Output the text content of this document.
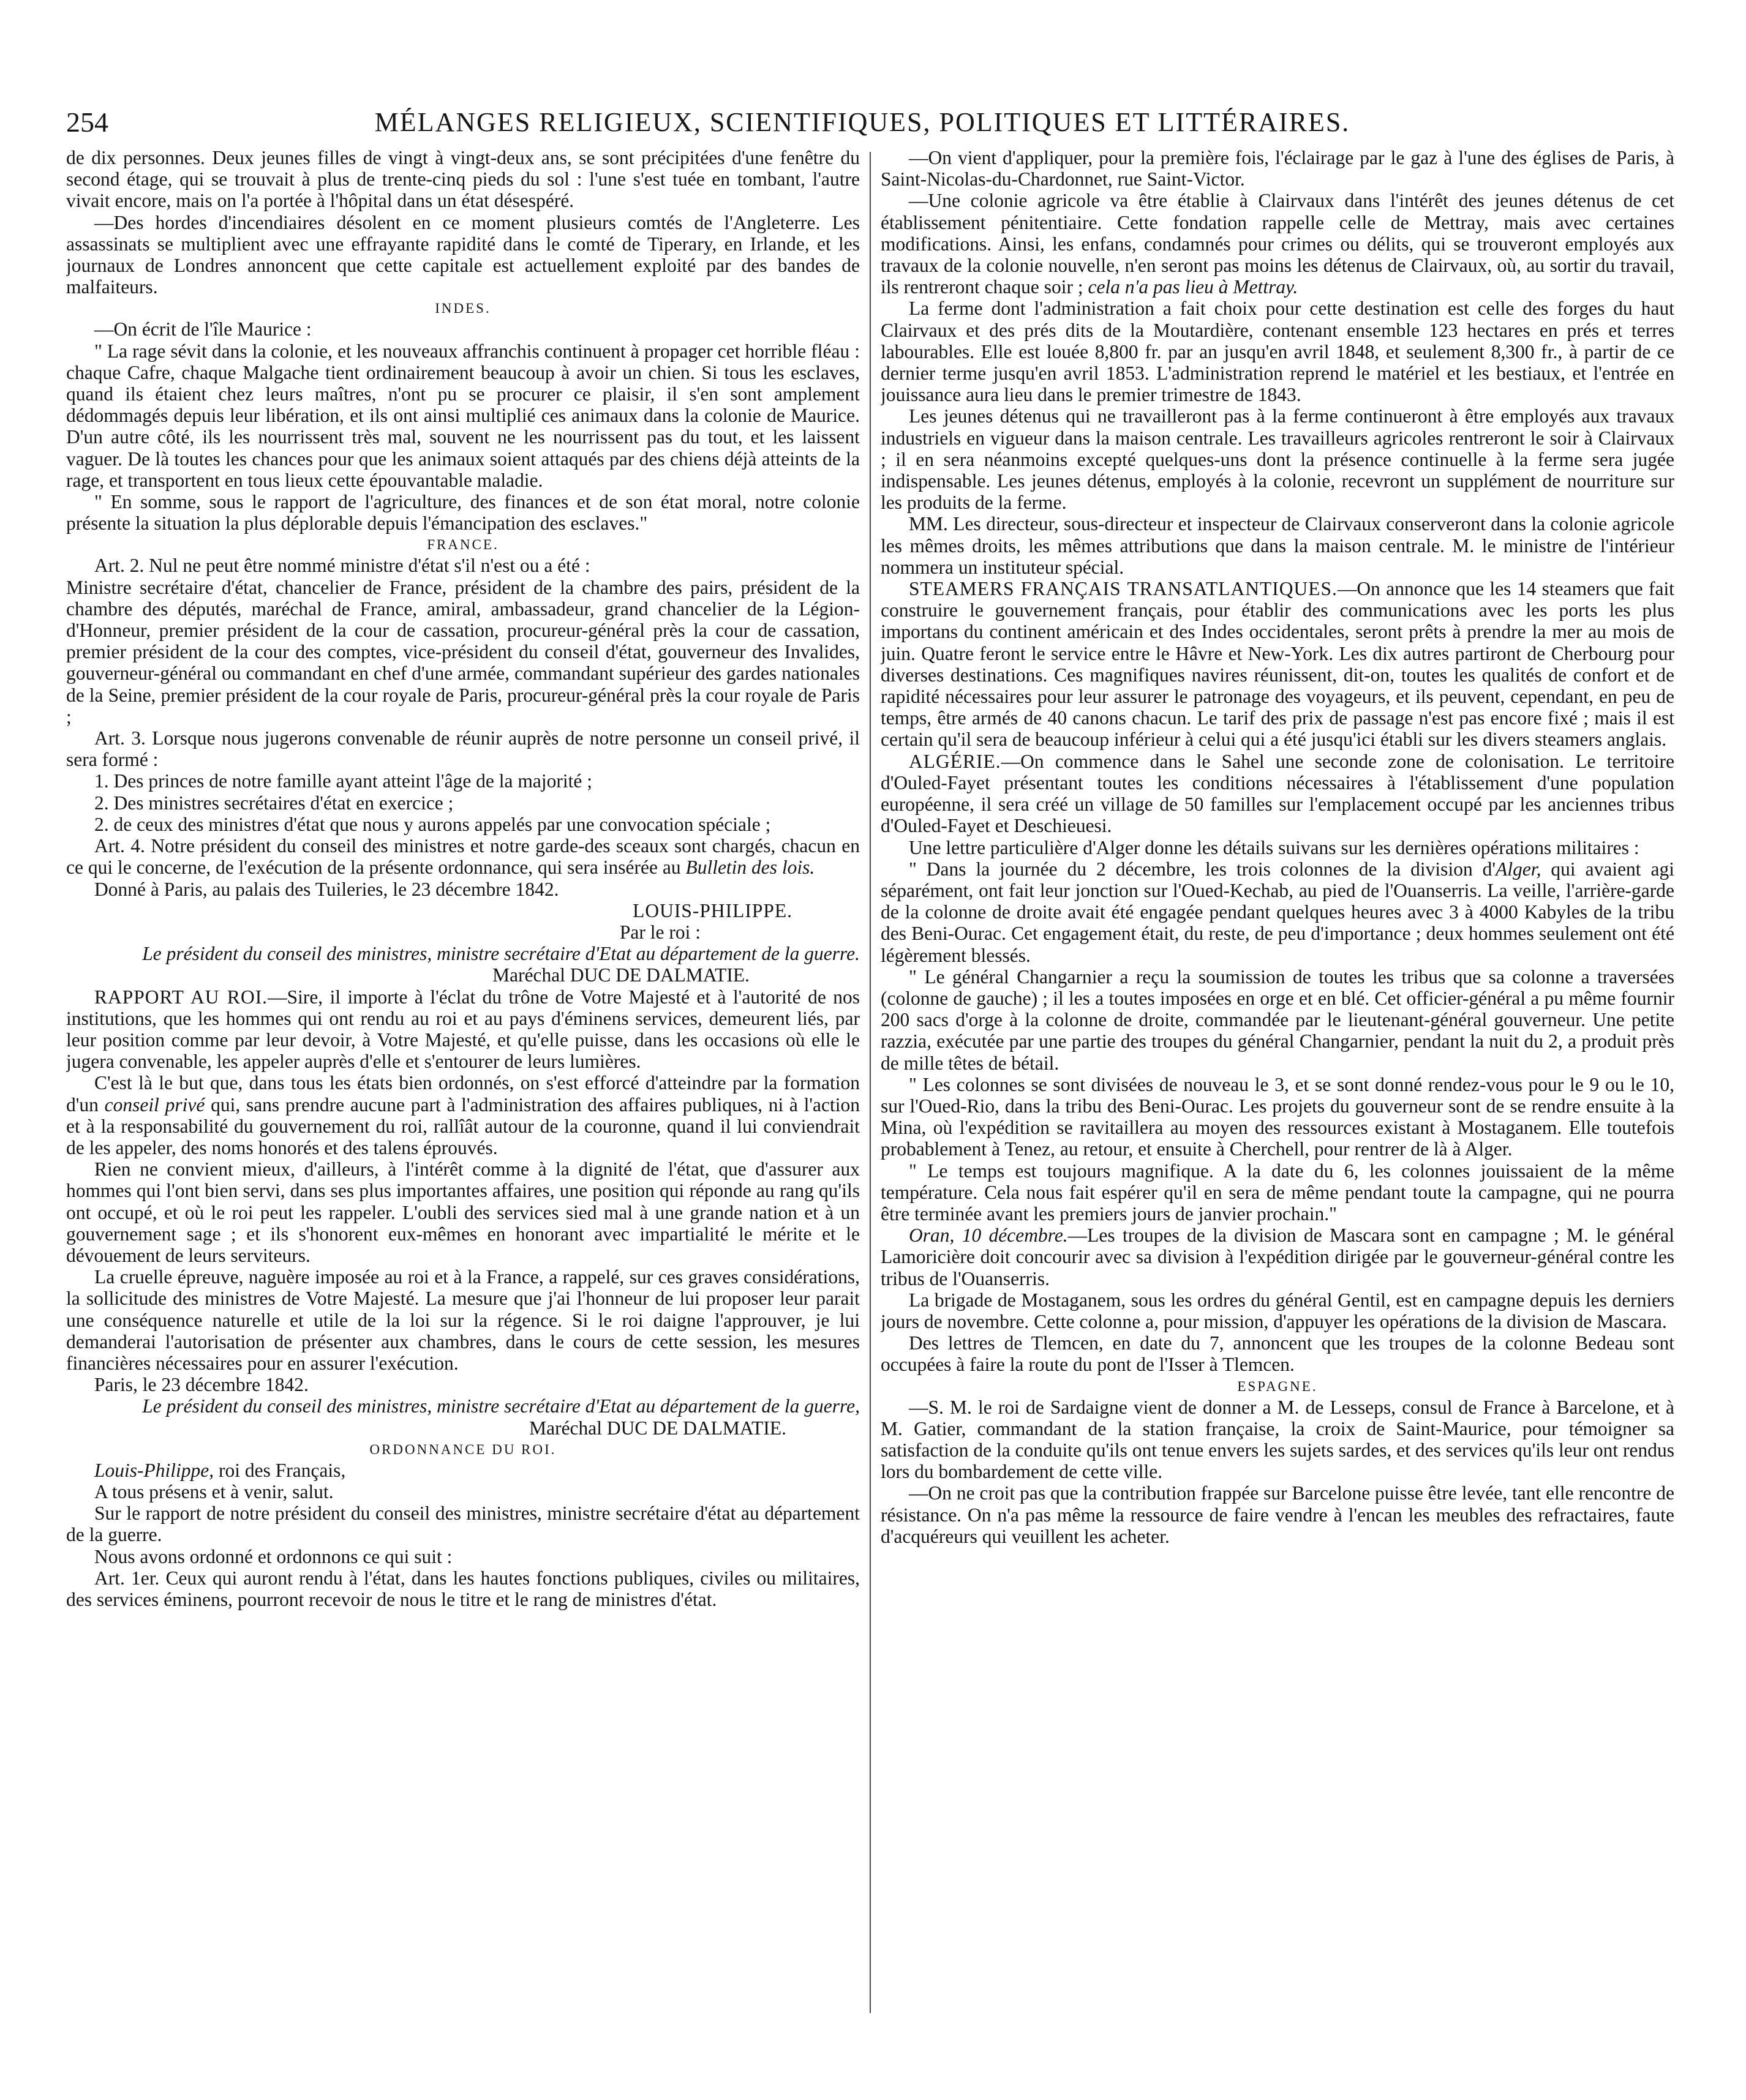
254	MÉLANGES RELIGIEUX, SCIENTIFIQUES, POLITIQUES ET LITTÉRAIRES.

de dix personnes. Deux jeunes filles de vingt à vingt-deux ans, se sont précipitées d'une fenêtre du second étage, qui se trouvait à plus de trente-cinq pieds du sol : l'une s'est tuée en tombant, l'autre vivait encore, mais on l'a portée à l'hôpital dans un état désespéré.

—Des hordes d'incendiaires désolent en ce moment plusieurs comtés de l'Angleterre. Les assassinats se multiplient avec une effrayante rapidité dans le comté de Tiperary, en Irlande, et les journaux de Londres annoncent que cette capitale est actuellement exploité par des bandes de malfaiteurs.

INDES.

—On écrit de l'île Maurice :

" La rage sévit dans la colonie, et les nouveaux affranchis continuent à propager cet horrible fléau : chaque Cafre, chaque Malgache tient ordinairement beaucoup à avoir un chien. Si tous les esclaves, quand ils étaient chez leurs maîtres, n'ont pu se procurer ce plaisir, il s'en sont amplement dédommagés depuis leur libération, et ils ont ainsi multiplié ces animaux dans la colonie de Maurice. D'un autre côté, ils les nourrissent très mal, souvent ne les nourrissent pas du tout, et les laissent vaguer. De là toutes les chances pour que les animaux soient attaqués par des chiens déjà atteints de la rage, et transportent en tous lieux cette épouvantable maladie.

" En somme, sous le rapport de l'agriculture, des finances et de son état moral, notre colonie présente la situation la plus déplorable depuis l'émancipation des esclaves."

FRANCE.

Art. 2. Nul ne peut être nommé ministre d'état s'il n'est ou a été :

Ministre secrétaire d'état, chancelier de France, président de la chambre des pairs, président de la chambre des députés, maréchal de France, amiral, ambassadeur, grand chancelier de la Légion-d'Honneur, premier président de la cour de cassation, procureur-général près la cour de cassation, premier président de la cour des comptes, vice-président du conseil d'état, gouverneur des Invalides, gouverneur-général ou commandant en chef d'une armée, commandant supérieur des gardes nationales de la Seine, premier président de la cour royale de Paris, procureur-général près la cour royale de Paris ;

Art. 3. Lorsque nous jugerons convenable de réunir auprès de notre personne un conseil privé, il sera formé :

1. Des princes de notre famille ayant atteint l'âge de la majorité ;

2. Des ministres secrétaires d'état en exercice ;

2. de ceux des ministres d'état que nous y aurons appelés par une convocation spéciale ;

Art. 4. Notre président du conseil des ministres et notre garde-des sceaux sont chargés, chacun en ce qui le concerne, de l'exécution de la présente ordonnance, qui sera insérée au Bulletin des lois.

Donné à Paris, au palais des Tuileries, le 23 décembre 1842.

LOUIS-PHILIPPE.

Par le roi :

Le président du conseil des ministres, ministre secrétaire d'Etat au département de la guerre.

Maréchal DUC DE DALMATIE.

RAPPORT AU ROI.—Sire, il importe à l'éclat du trône de Votre Majesté et à l'autorité de nos institutions, que les hommes qui ont rendu au roi et au pays d'éminens services, demeurent liés, par leur position comme par leur devoir, à Votre Majesté, et qu'elle puisse, dans les occasions où elle le jugera convenable, les appeler auprès d'elle et s'entourer de leurs lumières.

C'est là le but que, dans tous les états bien ordonnés, on s'est efforcé d'atteindre par la formation d'un conseil privé qui, sans prendre aucune part à l'administration des affaires publiques, ni à l'action et à la responsabilité du gouvernement du roi, rallîât autour de la couronne, quand il lui conviendrait de les appeler, des noms honorés et des talens éprouvés.

Rien ne convient mieux, d'ailleurs, à l'intérêt comme à la dignité de l'état, que d'assurer aux hommes qui l'ont bien servi, dans ses plus importantes affaires, une position qui réponde au rang qu'ils ont occupé, et où le roi peut les rappeler. L'oubli des services sied mal à une grande nation et à un gouvernement sage ; et ils s'honorent eux-mêmes en honorant avec impartialité le mérite et le dévouement de leurs serviteurs.

La cruelle épreuve, naguère imposée au roi et à la France, a rappelé, sur ces graves considérations, la sollicitude des ministres de Votre Majesté. La mesure que j'ai l'honneur de lui proposer leur parait une conséquence naturelle et utile de la loi sur la régence. Si le roi daigne l'approuver, je lui demanderai l'autorisation de présenter aux chambres, dans le cours de cette session, les mesures financières nécessaires pour en assurer l'exécution.

Paris, le 23 décembre 1842.

Le président du conseil des ministres, ministre secrétaire d'Etat au département de la guerre,

Maréchal DUC DE DALMATIE.

ORDONNANCE DU ROI.

Louis-Philippe, roi des Français,

A tous présens et à venir, salut.

Sur le rapport de notre président du conseil des ministres, ministre secrétaire d'état au département de la guerre.

Nous avons ordonné et ordonnons ce qui suit :

Art. 1er. Ceux qui auront rendu à l'état, dans les hautes fonctions publiques, civiles ou militaires, des services éminens, pourront recevoir de nous le titre et le rang de ministres d'état.

—On vient d'appliquer, pour la première fois, l'éclairage par le gaz à l'une des églises de Paris, à Saint-Nicolas-du-Chardonnet, rue Saint-Victor.

—Une colonie agricole va être établie à Clairvaux dans l'intérêt des jeunes détenus de cet établissement pénitentiaire. Cette fondation rappelle celle de Mettray, mais avec certaines modifications. Ainsi, les enfans, condamnés pour crimes ou délits, qui se trouveront employés aux travaux de la colonie nouvelle, n'en seront pas moins les détenus de Clairvaux, où, au sortir du travail, ils rentreront chaque soir ; cela n'a pas lieu à Mettray.

La ferme dont l'administration a fait choix pour cette destination est celle des forges du haut Clairvaux et des prés dits de la Moutardière, contenant ensemble 123 hectares en prés et terres labourables. Elle est louée 8,800 fr. par an jusqu'en avril 1848, et seulement 8,300 fr., à partir de ce dernier terme jusqu'en avril 1853. L'administration reprend le matériel et les bestiaux, et l'entrée en jouissance aura lieu dans le premier trimestre de 1843.

Les jeunes détenus qui ne travailleront pas à la ferme continueront à être employés aux travaux industriels en vigueur dans la maison centrale. Les travailleurs agricoles rentreront le soir à Clairvaux ; il en sera néanmoins excepté quelques-uns dont la présence continuelle à la ferme sera jugée indispensable. Les jeunes détenus, employés à la colonie, recevront un supplément de nourriture sur les produits de la ferme.

MM. Les directeur, sous-directeur et inspecteur de Clairvaux conserveront dans la colonie agricole les mêmes droits, les mêmes attributions que dans la maison centrale. M. le ministre de l'intérieur nommera un instituteur spécial.

STEAMERS FRANÇAIS TRANSATLANTIQUES.—On annonce que les 14 steamers que fait construire le gouvernement français, pour établir des communications avec les ports les plus importans du continent américain et des Indes occidentales, seront prêts à prendre la mer au mois de juin. Quatre feront le service entre le Hâvre et New-York. Les dix autres partiront de Cherbourg pour diverses destinations. Ces magnifiques navires réunissent, dit-on, toutes les qualités de confort et de rapidité nécessaires pour leur assurer le patronage des voyageurs, et ils peuvent, cependant, en peu de temps, être armés de 40 canons chacun. Le tarif des prix de passage n'est pas encore fixé ; mais il est certain qu'il sera de beaucoup inférieur à celui qui a été jusqu'ici établi sur les divers steamers anglais.

ALGÉRIE.—On commence dans le Sahel une seconde zone de colonisation. Le territoire d'Ouled-Fayet présentant toutes les conditions nécessaires à l'établissement d'une population européenne, il sera créé un village de 50 familles sur l'emplacement occupé par les anciennes tribus d'Ouled-Fayet et Deschieuesi.

Une lettre particulière d'Alger donne les détails suivans sur les dernières opérations militaires :

" Dans la journée du 2 décembre, les trois colonnes de la division d'Alger, qui avaient agi séparément, ont fait leur jonction sur l'Oued-Kechab, au pied de l'Ouanserris. La veille, l'arrière-garde de la colonne de droite avait été engagée pendant quelques heures avec 3 à 4000 Kabyles de la tribu des Beni-Ourac. Cet engagement était, du reste, de peu d'importance ; deux hommes seulement ont été légèrement blessés.

" Le général Changarnier a reçu la soumission de toutes les tribus que sa colonne a traversées (colonne de gauche) ; il les a toutes imposées en orge et en blé. Cet officier-général a pu même fournir 200 sacs d'orge à la colonne de droite, commandée par le lieutenant-général gouverneur. Une petite razzia, exécutée par une partie des troupes du général Changarnier, pendant la nuit du 2, a produit près de mille têtes de bétail.

" Les colonnes se sont divisées de nouveau le 3, et se sont donné rendez-vous pour le 9 ou le 10, sur l'Oued-Rio, dans la tribu des Beni-Ourac. Les projets du gouverneur sont de se rendre ensuite à la Mina, où l'expédition se ravitaillera au moyen des ressources existant à Mostaganem. Elle toutefois probablement à Tenez, au retour, et ensuite à Cherchell, pour rentrer de là à Alger.

" Le temps est toujours magnifique. A la date du 6, les colonnes jouissaient de la même température. Cela nous fait espérer qu'il en sera de même pendant toute la campagne, qui ne pourra être terminée avant les premiers jours de janvier prochain."

Oran, 10 décembre.—Les troupes de la division de Mascara sont en campagne ; M. le général Lamoricière doit concourir avec sa division à l'expédition dirigée par le gouverneur-général contre les tribus de l'Ouanserris.

La brigade de Mostaganem, sous les ordres du général Gentil, est en campagne depuis les derniers jours de novembre. Cette colonne a, pour mission, d'appuyer les opérations de la division de Mascara.

Des lettres de Tlemcen, en date du 7, annoncent que les troupes de la colonne Bedeau sont occupées à faire la route du pont de l'Isser à Tlemcen.

ESPAGNE.

—S. M. le roi de Sardaigne vient de donner a M. de Lesseps, consul de France à Barcelone, et à M. Gatier, commandant de la station française, la croix de Saint-Maurice, pour témoigner sa satisfaction de la conduite qu'ils ont tenue envers les sujets sardes, et des services qu'ils leur ont rendus lors du bombardement de cette ville.

—On ne croit pas que la contribution frappée sur Barcelone puisse être levée, tant elle rencontre de résistance. On n'a pas même la ressource de faire vendre à l'encan les meubles des refractaires, faute d'acquéreurs qui veuillent les acheter.
